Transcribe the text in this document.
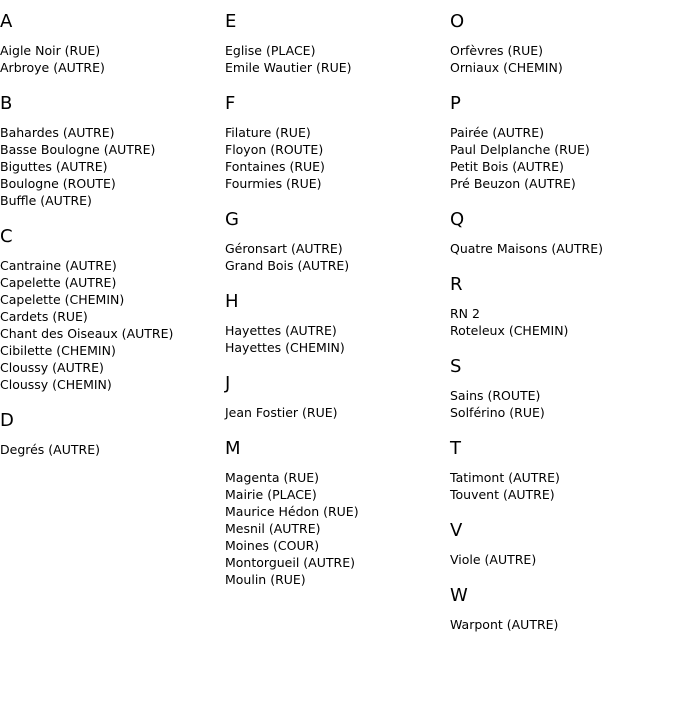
A
Aigle Noir (RUE)
Arbroye (AUTRE)
B
Bahardes (AUTRE)
Basse Boulogne (AUTRE)
Biguttes (AUTRE)
Boulogne (ROUTE)
Buffle (AUTRE)
C
Cantraine (AUTRE)
Capelette (AUTRE)
Capelette (CHEMIN)
Cardets (RUE)
Chant des Oiseaux (AUTRE)
Cibilette (CHEMIN)
Cloussy (AUTRE)
Cloussy (CHEMIN)
D
Degrés (AUTRE)
E
Eglise (PLACE)
Emile Wautier (RUE)
F
Filature (RUE)
Floyon (ROUTE)
Fontaines (RUE)
Fourmies (RUE)
G
Géronsart (AUTRE)
Grand Bois (AUTRE)
H
Hayettes (AUTRE)
Hayettes (CHEMIN)
J
Jean Fostier (RUE)
M
Magenta (RUE)
Mairie (PLACE)
Maurice Hédon (RUE)
Mesnil (AUTRE)
Moines (COUR)
Montorgueil (AUTRE)
Moulin (RUE)
O
Orfèvres (RUE)
Orniaux (CHEMIN)
P
Pairée (AUTRE)
Paul Delplanche (RUE)
Petit Bois (AUTRE)
Pré Beuzon (AUTRE)
Q
Quatre Maisons (AUTRE)
R
RN 2
Roteleux (CHEMIN)
S
Sains (ROUTE)
Solférino (RUE)
T
Tatimont (AUTRE)
Touvent (AUTRE)
V
Viole (AUTRE)
W
Warpont (AUTRE)
